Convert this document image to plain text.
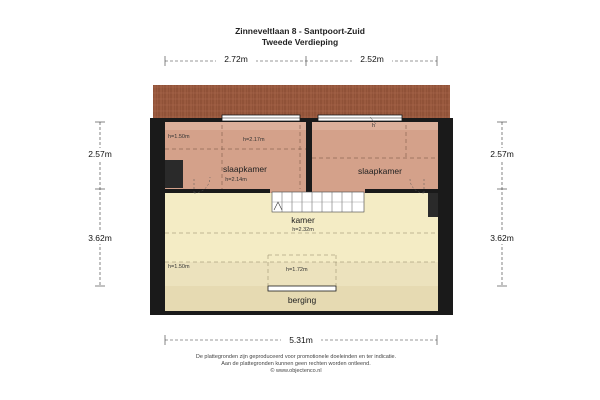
Zinneveltlaan 8 - Santpoort-Zuid
Tweede Verdieping
2.72m	2.52m
slaapkamer
h=2.14m
slaapkamer
kamer
h=2.32m
berging
h=1.50m	h=2.17m
h=1.50m	h=1.72m
h
2.57m
3.62m
2.57m
3.62m
5.31m
De plattegronden zijn geproduceerd voor promotionele doeleinden en ter indicatie.
Aan de plattegronden kunnen geen rechten worden ontleend.
© www.objectenco.nl
